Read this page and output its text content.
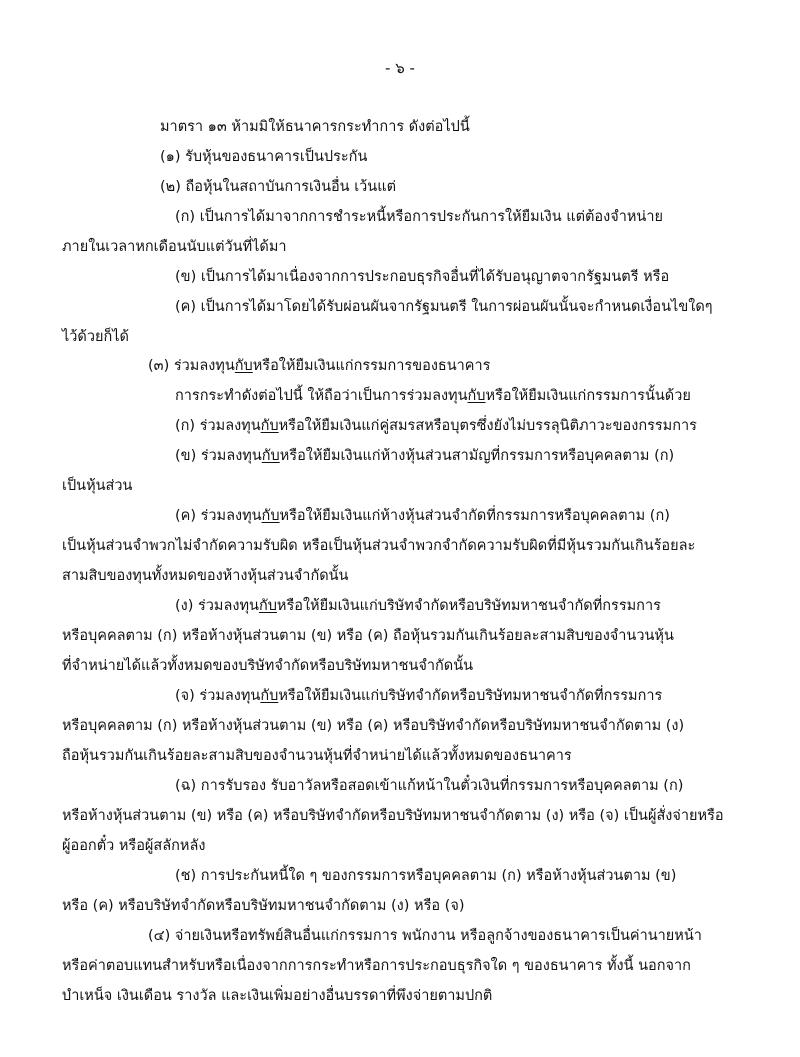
- ๖ -
มาตรา ๑๓ ห้ามมิให้ธนาคารกระทำการ ดังต่อไปนี้
(๑) รับหุ้นของธนาคารเป็นประกัน
(๒) ถือหุ้นในสถาบันการเงินอื่น เว้นแต่
(ก) เป็นการได้มาจากการชำระหนี้หรือการประกันการให้ยืมเงิน แต่ต้องจำหน่าย
ภายในเวลาหกเดือนนับแต่วันที่ได้มา
(ข) เป็นการได้มาเนื่องจากการประกอบธุรกิจอื่นที่ได้รับอนุญาตจากรัฐมนตรี หรือ
(ค) เป็นการได้มาโดยได้รับผ่อนผันจากรัฐมนตรี ในการผ่อนผันนั้นจะกำหนดเงื่อนไขใดๆ
ไว้ด้วยก็ได้
(๓) ร่วมลงทุนกับหรือให้ยืมเงินแก่กรรมการของธนาคาร
การกระทำดังต่อไปนี้ ให้ถือว่าเป็นการร่วมลงทุนกับหรือให้ยืมเงินแก่กรรมการนั้นด้วย
(ก) ร่วมลงทุนกับหรือให้ยืมเงินแก่คู่สมรสหรือบุตรซึ่งยังไม่บรรลุนิติภาวะของกรรมการ
(ข) ร่วมลงทุนกับหรือให้ยืมเงินแก่ห้างหุ้นส่วนสามัญที่กรรมการหรือบุคคลตาม (ก)
เป็นหุ้นส่วน
(ค) ร่วมลงทุนกับหรือให้ยืมเงินแก่ห้างหุ้นส่วนจำกัดที่กรรมการหรือบุคคลตาม (ก)
เป็นหุ้นส่วนจำพวกไม่จำกัดความรับผิด หรือเป็นหุ้นส่วนจำพวกจำกัดความรับผิดที่มีหุ้นรวมกันเกินร้อยละ
สามสิบของทุนทั้งหมดของห้างหุ้นส่วนจำกัดนั้น
(ง) ร่วมลงทุนกับหรือให้ยืมเงินแก่บริษัทจำกัดหรือบริษัทมหาชนจำกัดที่กรรมการ
หรือบุคคลตาม (ก) หรือห้างหุ้นส่วนตาม (ข) หรือ (ค) ถือหุ้นรวมกันเกินร้อยละสามสิบของจำนวนหุ้น
ที่จำหน่ายได้แล้วทั้งหมดของบริษัทจำกัดหรือบริษัทมหาชนจำกัดนั้น
(จ) ร่วมลงทุนกับหรือให้ยืมเงินแก่บริษัทจำกัดหรือบริษัทมหาชนจำกัดที่กรรมการ
หรือบุคคลตาม (ก) หรือห้างหุ้นส่วนตาม (ข) หรือ (ค) หรือบริษัทจำกัดหรือบริษัทมหาชนจำกัดตาม (ง)
ถือหุ้นรวมกันเกินร้อยละสามสิบของจำนวนหุ้นที่จำหน่ายได้แล้วทั้งหมดของธนาคาร
(ฉ) การรับรอง รับอาวัลหรือสอดเข้าแก้หน้าในตั๋วเงินที่กรรมการหรือบุคคลตาม (ก)
หรือห้างหุ้นส่วนตาม (ข) หรือ (ค) หรือบริษัทจำกัดหรือบริษัทมหาชนจำกัดตาม (ง) หรือ (จ) เป็นผู้สั่งจ่ายหรือ
ผู้ออกตั๋ว หรือผู้สลักหลัง
(ช) การประกันหนี้ใด ๆ ของกรรมการหรือบุคคลตาม (ก) หรือห้างหุ้นส่วนตาม (ข)
หรือ (ค) หรือบริษัทจำกัดหรือบริษัทมหาชนจำกัดตาม (ง) หรือ (จ)
(๔) จ่ายเงินหรือทรัพย์สินอื่นแก่กรรมการ พนักงาน หรือลูกจ้างของธนาคารเป็นค่านายหน้า
หรือค่าตอบแทนสำหรับหรือเนื่องจากการกระทำหรือการประกอบธุรกิจใด ๆ ของธนาคาร ทั้งนี้ นอกจาก
บำเหน็จ เงินเดือน รางวัล และเงินเพิ่มอย่างอื่นบรรดาที่พึงจ่ายตามปกติ
